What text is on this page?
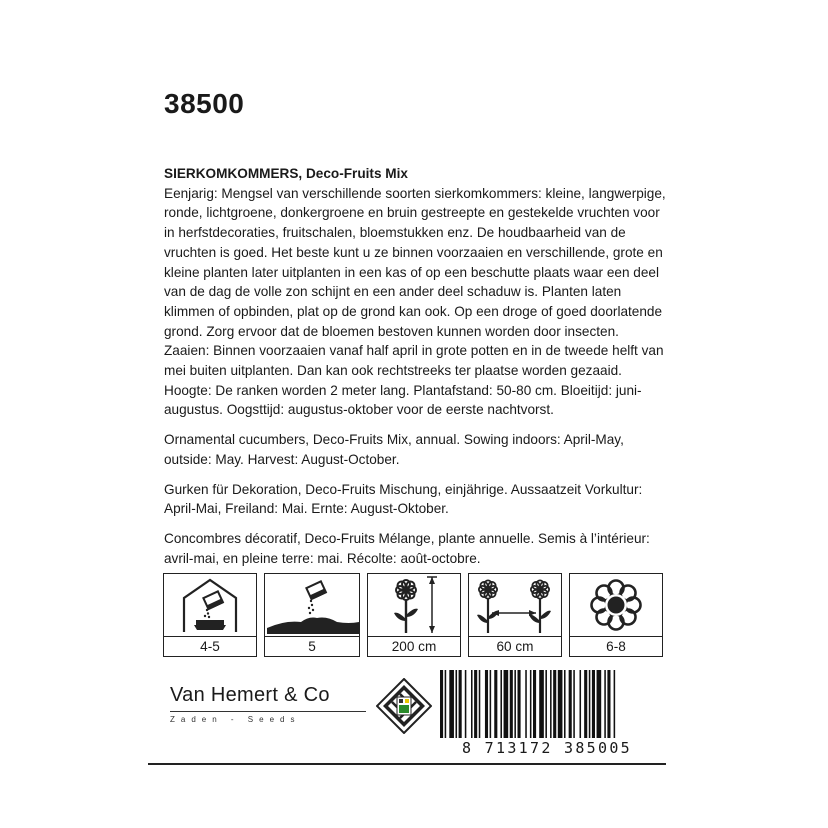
38500

SIERKOMKOMMERS, Deco-Fruits Mix
Eenjarig: Mengsel van verschillende soorten sierkomkommers: kleine, langwerpige, ronde, lichtgroene, donkergroene en bruin gestreepte en gestekelde vruchten voor in herfstdecoraties, fruitschalen, bloemstukken enz. De houdbaarheid van de vruchten is goed. Het beste kunt u ze binnen voorzaaien en verschillende, grote en kleine planten later uitplanten in een kas of op een beschutte plaats waar een deel van de dag de volle zon schijnt en een ander deel schaduw is. Planten laten klimmen of opbinden, plat op de grond kan ook. Op een droge of goed doorlatende grond. Zorg ervoor dat de bloemen bestoven kunnen worden door insecten. Zaaien: Binnen voorzaaien vanaf half april in grote potten en in de tweede helft van mei buiten uitplanten. Dan kan ook rechtstreeks ter plaatse worden gezaaid. Hoogte: De ranken worden 2 meter lang. Plantafstand: 50-80 cm. Bloeitijd: juni-augustus. Oogsttijd: augustus-oktober voor de eerste nachtvorst.

Ornamental cucumbers, Deco-Fruits Mix, annual. Sowing indoors: April-May, outside: May. Harvest: August-October.

Gurken für Dekoration, Deco-Fruits Mischung, einjährige. Aussaatzeit Vorkultur: April-Mai, Freiland: Mai. Ernte: August-Oktober.

Concombres décoratif, Deco-Fruits Mélange, plante annuelle. Semis à l’intérieur: avril-mai, en pleine terre: mai. Récolte: août-octobre.

4-5	5	200 cm	60 cm	6-8
Van Hemert & Co
Zaden - Seeds
8 713172 385005
